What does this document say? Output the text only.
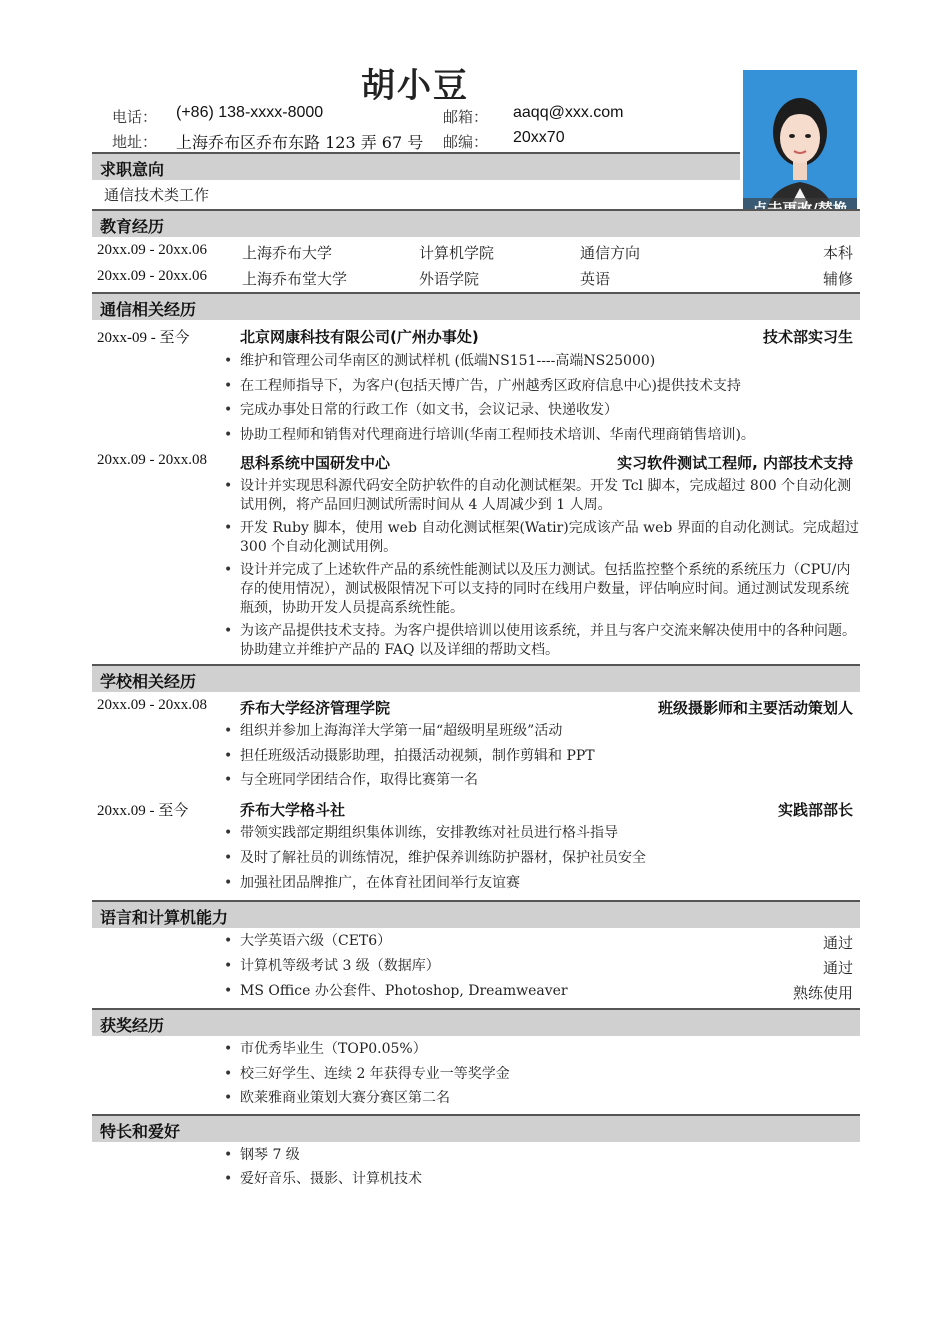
胡小豆
电话： (+86) 138-xxxx-8000	邮箱： aaqq@xxx.com
地址： 上海乔布区乔布东路 123 弄 67 号 邮编： 20xx70
求职意向
通信技术类工作
教育经历
20xx.09 - 20xx.06 上海乔布大学	计算机学院	通信方向	本科
20xx.09 - 20xx.06 上海乔布堂大学	外语学院	英语	辅修
通信相关经历
20xx-09 - 至今	北京网康科技有限公司(广州办事处)	技术部实习生
• 维护和管理公司华南区的测试样机 (低端NS151----高端NS25000)
• 在工程师指导下，为客户(包括天博广告，广州越秀区政府信息中心)提供技术支持
• 完成办事处日常的行政工作（如文书，会议记录、快递收发）
• 协助工程师和销售对代理商进行培训(华南工程师技术培训、华南代理商销售培训)。
20xx.09 - 20xx.08 思科系统中国研发中心	实习软件测试工程师, 内部技术支持
• 设计并实现思科源代码安全防护软件的自动化测试框架。开发 Tcl 脚本，完成超过 800 个自动化测试用例，将产品回归测试所需时间从 4 人周减少到 1 人周。
• 开发 Ruby 脚本，使用 web 自动化测试框架(Watir)完成该产品 web 界面的自动化测试。完成超过 300 个自动化测试用例。
• 设计并完成了上述软件产品的系统性能测试以及压力测试。包括监控整个系统的系统压力（CPU/内存的使用情况），测试极限情况下可以支持的同时在线用户数量，评估响应时间。通过测试发现系统瓶颈，协助开发人员提高系统性能。
• 为该产品提供技术支持。为客户提供培训以使用该系统，并且与客户交流来解决使用中的各种问题。协助建立并维护产品的 FAQ 以及详细的帮助文档。
学校相关经历
20xx.09 - 20xx.08 乔布大学经济管理学院	班级摄影师和主要活动策划人
• 组织并参加上海海洋大学第一届“超级明星班级”活动
• 担任班级活动摄影助理，拍摄活动视频，制作剪辑和 PPT
• 与全班同学团结合作，取得比赛第一名
20xx.09 - 至今	乔布大学格斗社	实践部部长
• 带领实践部定期组织集体训练，安排教练对社员进行格斗指导
• 及时了解社员的训练情况，维护保养训练防护器材，保护社员安全
• 加强社团品牌推广，在体育社团间举行友谊赛
语言和计算机能力
• 大学英语六级（CET6）	通过
• 计算机等级考试 3 级（数据库）	通过
• MS Office 办公套件、Photoshop, Dreamweaver	熟练使用
获奖经历
• 市优秀毕业生（TOP0.05%）
• 校三好学生、连续 2 年获得专业一等奖学金
• 欧莱雅商业策划大赛分赛区第二名
特长和爱好
• 钢琴 7 级
• 爱好音乐、摄影、计算机技术
